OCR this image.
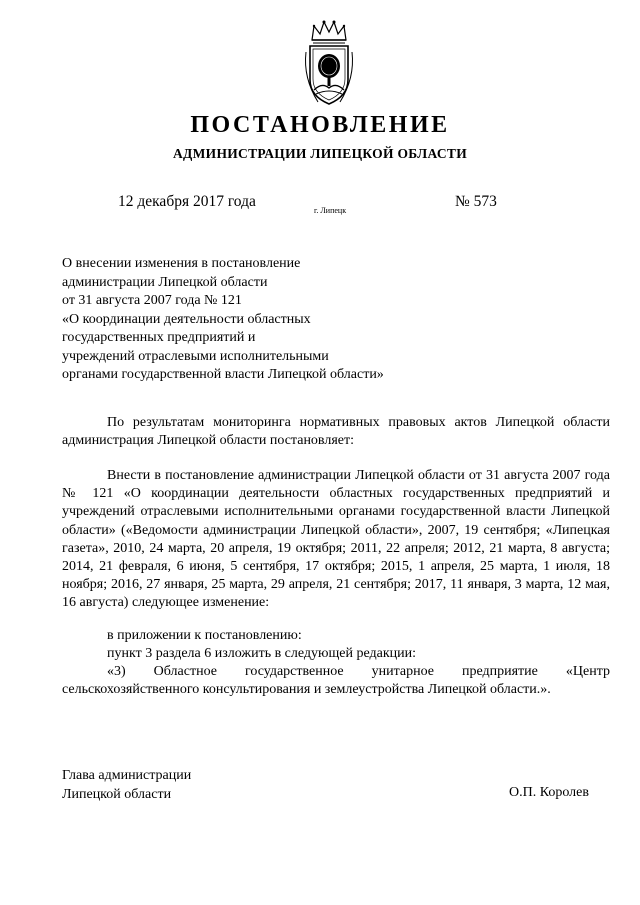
ПОСТАНОВЛЕНИЕ
АДМИНИСТРАЦИИ ЛИПЕЦКОЙ ОБЛАСТИ
12 декабря 2017 года
г. Липецк
№ 573
О внесении изменения в постановление
администрации Липецкой области
от 31 августа 2007 года № 121
«О координации деятельности областных
государственных предприятий и
учреждений отраслевыми исполнительными
органами государственной власти Липецкой области»

По результатам мониторинга нормативных правовых актов Липецкой области администрация Липецкой области постановляет:

Внести в постановление администрации Липецкой области от 31 августа 2007 года № 121 «О координации деятельности областных государственных предприятий и учреждений отраслевыми исполнительными органами государственной власти Липецкой области» («Ведомости администрации Липецкой области», 2007, 19 сентября; «Липецкая газета», 2010, 24 марта, 20 апреля, 19 октября; 2011, 22 апреля; 2012, 21 марта, 8 августа; 2014, 21 февраля, 6 июня, 5 сентября, 17 октября; 2015, 1 апреля, 25 марта, 1 июля, 18 ноября; 2016, 27 января, 25 марта, 29 апреля, 21 сентября; 2017, 11 января, 3 марта, 12 мая, 16 августа) следующее изменение:

в приложении к постановлению:

пункт 3 раздела 6 изложить в следующей редакции:

«3) Областное государственное унитарное предприятие «Центр сельскохозяйственного консультирования и землеустройства Липецкой области.».

Глава администрации
Липецкой области	О.П. Королев
